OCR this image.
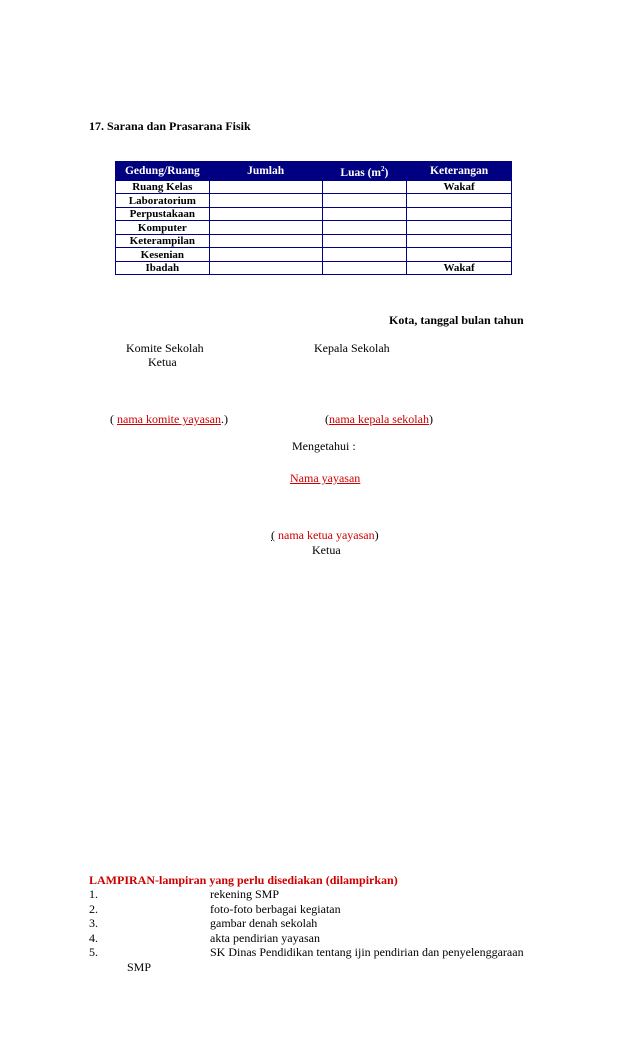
17. Sarana dan Prasarana Fisik
Gedung/Ruang	Jumlah	Luas $(m^2)$	Keterangan
Ruang Kelas			Wakaf
Laboratorium			
Perpustakaan			
Komputer			
Keterampilan			
Kesenian			
Ibadah			Wakaf
Kota, tanggal bulan tahun
Komite Sekolah
Ketua
Kepala Sekolah
( nama komite yayasan.)	(nama kepala sekolah)
Mengetahui :
Nama yayasan
( nama ketua yayasan)
Ketua
LAMPIRAN-lampiran yang perlu disediakan (dilampirkan)
1.	rekening SMP
2.	foto-foto berbagai kegiatan
3.	gambar denah sekolah
4.	akta pendirian yayasan
5.	SK Dinas Pendidikan tentang ijin pendirian dan penyelenggaraan
SMP
